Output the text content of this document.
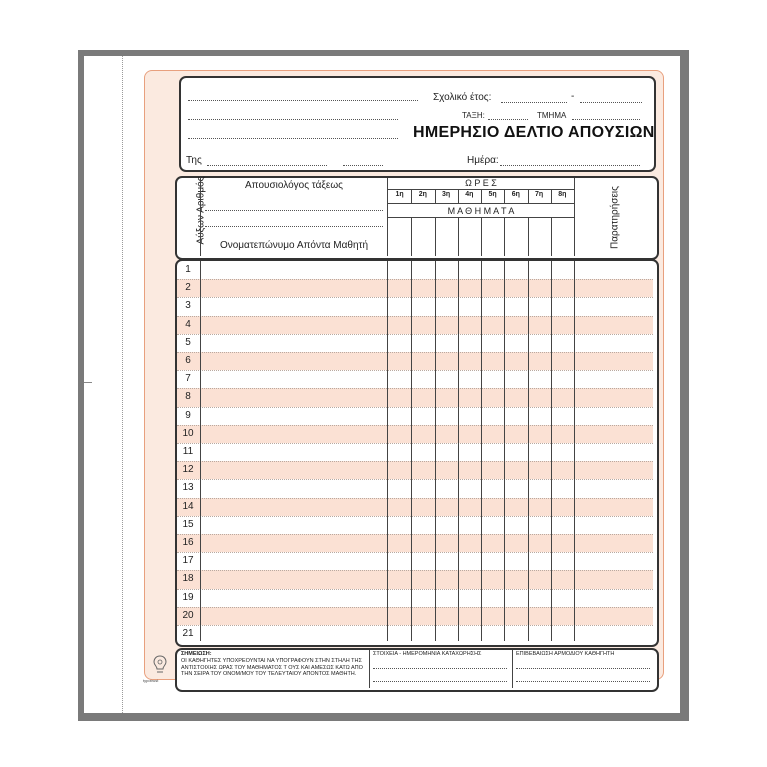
Σχολικό έτος:	-
ΤΑΞΗ:	ΤΜΗΜΑ
ΗΜΕΡΗΣΙΟ ΔΕΛΤΙΟ ΑΠΟΥΣΙΩΝ
Της	Ημέρα:
Αύξων Αριθμός	Απουσιολόγος τάξεως
Ονοματεπώνυμο Απόντα Μαθητή
Ω Ρ Ε Σ
1η	2η	3η	4η	5η	6η	7η	8η
Μ Α Θ Η Μ Α Τ Α	Παρατηρήσεις
1
2
3
4
5
6
7
8
9
10
11
12
13
14
15
16
17
18
19
20
21
ΣΗΜΕΙΩΣΗ:
ΟΙ ΚΑΘΗΓΗΤΕΣ ΥΠΟΧΡΕΟΥΝΤΑΙ ΝΑ ΥΠΟΓΡΑΦΟΥΝ ΣΤΗΝ ΣΤΗΛΗ ΤΗΣ ΑΝΤΙΣΤΟΙΧΗΣ ΩΡΑΣ ΤΟΥ ΜΑΘΗΜΑΤΟΣ Τ ΟΥΣ ΚΑΙ ΑΜΕΣΩΣ ΚΑΤΩ ΑΠΟ ΤΗΝ ΣΕΙΡΑ ΤΟΥ ΟΝΟΜ/ΜΟΥ ΤΟΥ ΤΕΛΕΥΤΑΙΟΥ ΑΠΟΝΤΟΣ ΜΑΘΗΤΗ.
ΣΤΟΙΧΕΙΑ - ΗΜΕΡΟΜΗΝΙΑ ΚΑΤΑΧΩΡΗΣΗΣ	ΕΠΙΒΕΒΑΙΩΣΗ ΑΡΜΟΔΙΟΥ ΚΑΘΗΓΗΤΗ
typotrust
